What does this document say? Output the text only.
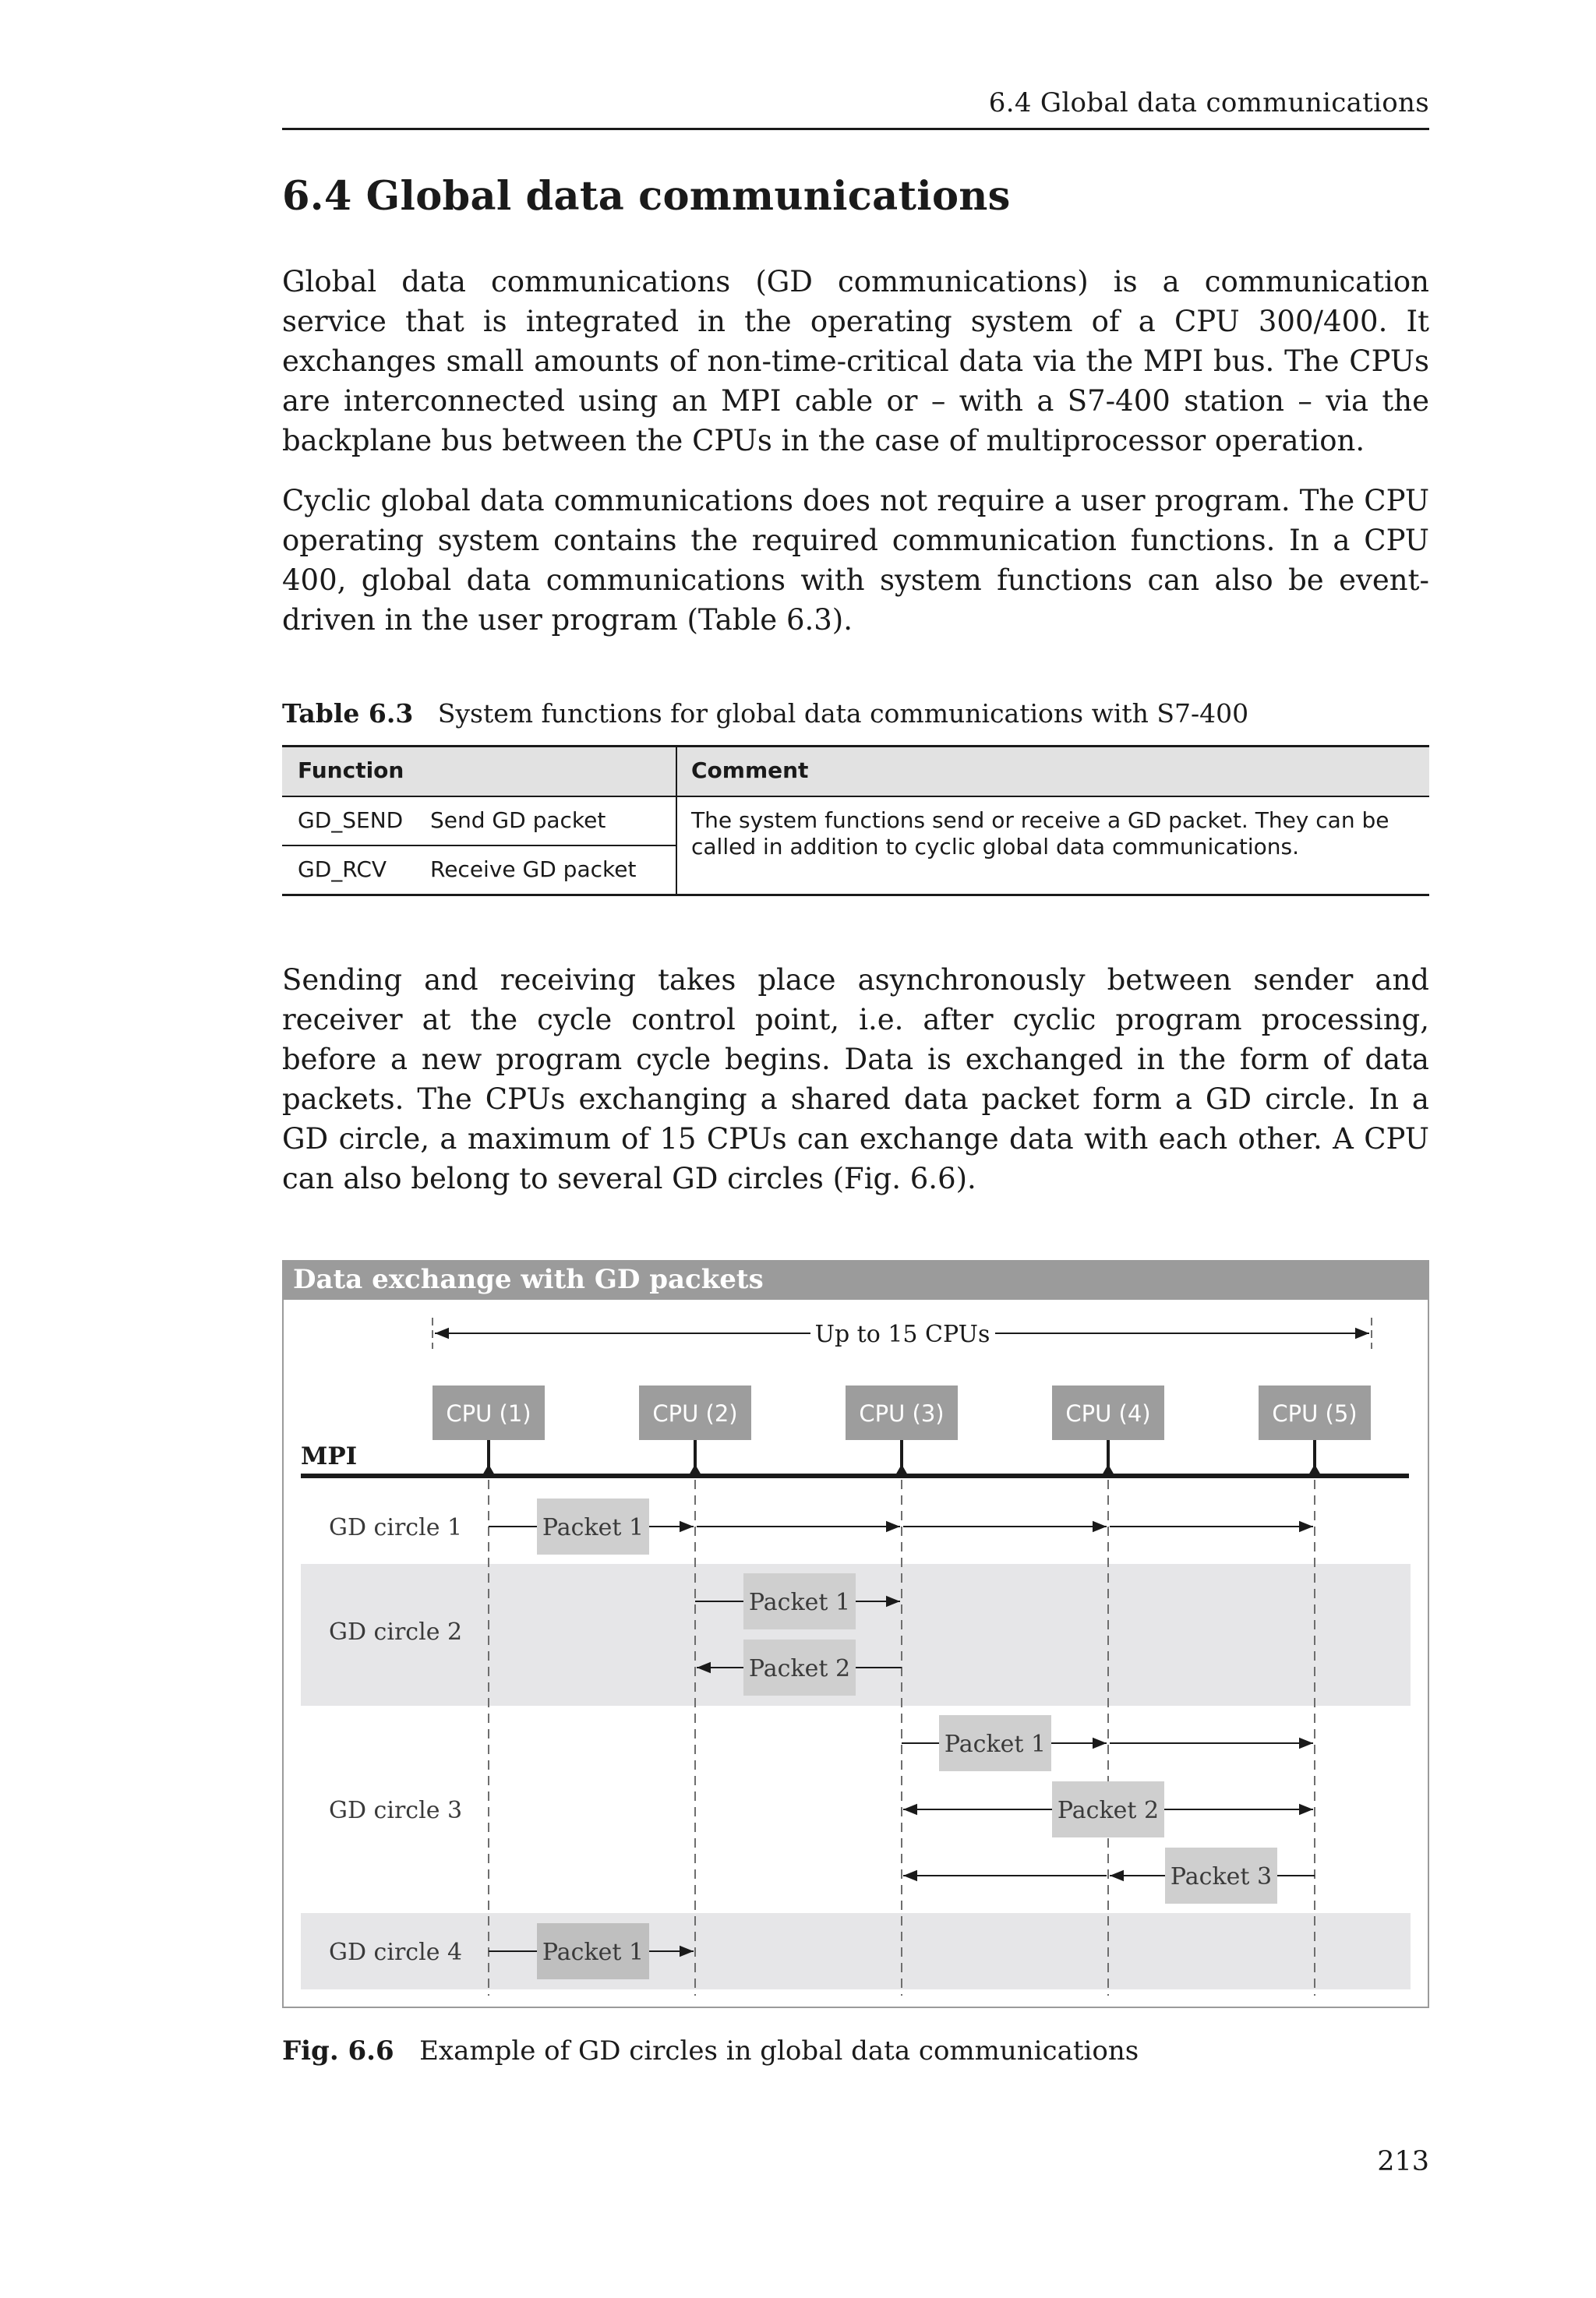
6.4 Global data communications
6.4 Global data communications

Global data communications (GD communications) is a communication service that is integrated in the operating system of a CPU 300/400. It exchanges small amounts of non-time-critical data via the MPI bus. The CPUs are interconnected using an MPI cable or – with a S7-400 station – via the backplane bus between the CPUs in the case of multiprocessor operation.

Cyclic global data communications does not require a user program. The CPU operating system contains the required communication functions. In a CPU 400, global data communications with system functions can also be event-driven in the user program (Table 6.3).

Table 6.3 System functions for global data communications with S7-400
Function	Comment
GD_SEND Send GD packet
GD_RCV Receive GD packet
The system functions send or receive a GD packet. They can be called in addition to cyclic global data communications.

Sending and receiving takes place asynchronously between sender and receiver at the cycle control point, i.e. after cyclic program processing, before a new program cycle begins. Data is exchanged in the form of data packets. The CPUs exchanging a shared data packet form a GD circle. In a GD circle, a maximum of 15 CPUs can exchange data with each other. A CPU can also belong to several GD circles (Fig. 6.6).

Data exchange with GD packets
Up to 15 CPUs
CPU (1)	CPU (2)	CPU (3)	CPU (4)	CPU (5)
MPI
GD circle 1
GD circle 2
GD circle 3
GD circle 4
Packet 1
Packet 1
Packet 2
Packet 1
Packet 2
Packet 3
Packet 1
Fig. 6.6 Example of GD circles in global data communications
213
